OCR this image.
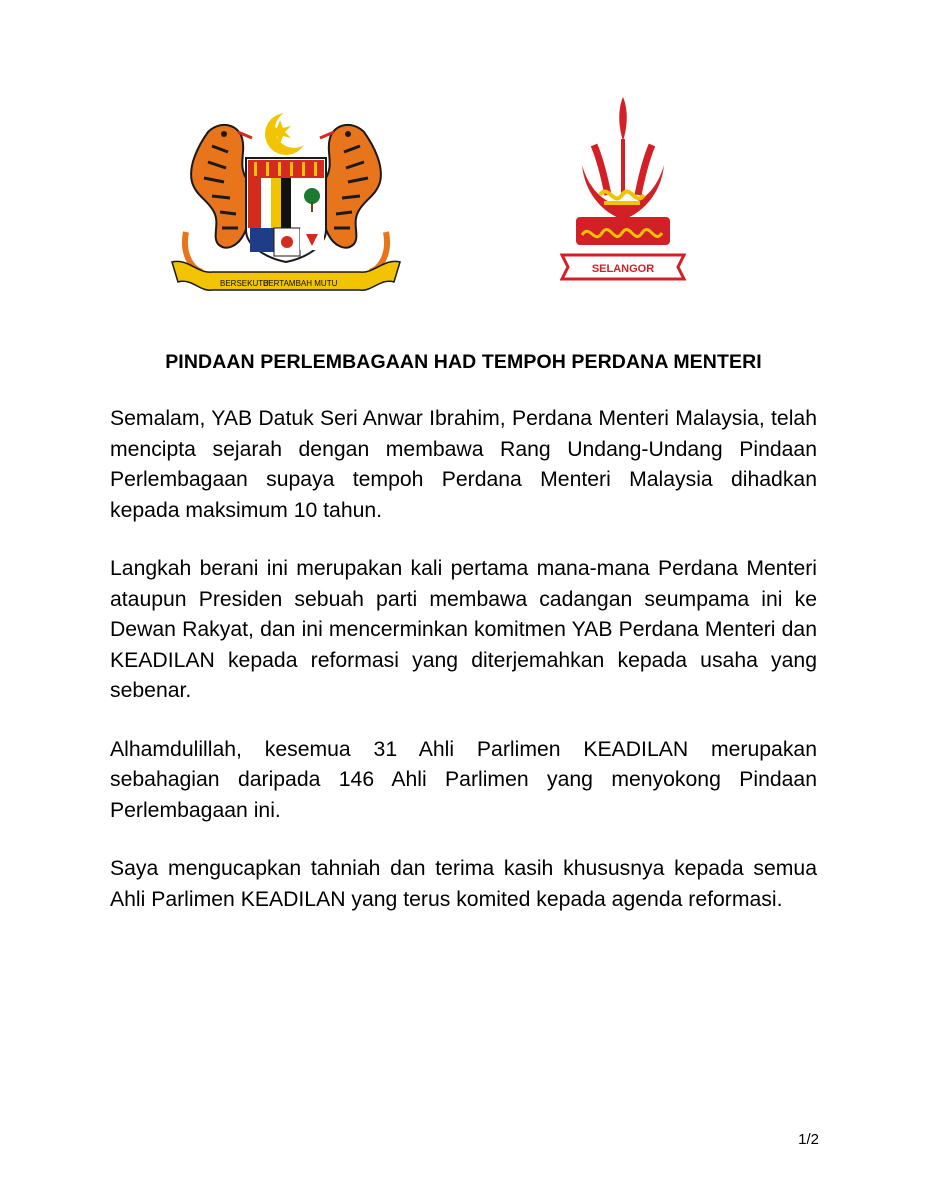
BERSEKUTU
BERTAMBAH MUTU
SELANGOR
PINDAAN PERLEMBAGAAN HAD TEMPOH PERDANA MENTERI

Semalam, YAB Datuk Seri Anwar Ibrahim, Perdana Menteri Malaysia, telah mencipta sejarah dengan membawa Rang Undang-Undang Pindaan Perlembagaan supaya tempoh Perdana Menteri Malaysia dihadkan kepada maksimum 10 tahun.

Langkah berani ini merupakan kali pertama mana-mana Perdana Menteri ataupun Presiden sebuah parti membawa cadangan seumpama ini ke Dewan Rakyat, dan ini mencerminkan komitmen YAB Perdana Menteri dan KEADILAN kepada reformasi yang diterjemahkan kepada usaha yang sebenar.

Alhamdulillah, kesemua 31 Ahli Parlimen KEADILAN merupakan sebahagian daripada 146 Ahli Parlimen yang menyokong Pindaan Perlembagaan ini.

Saya mengucapkan tahniah dan terima kasih khususnya kepada semua Ahli Parlimen KEADILAN yang terus komited kepada agenda reformasi.

1/2
